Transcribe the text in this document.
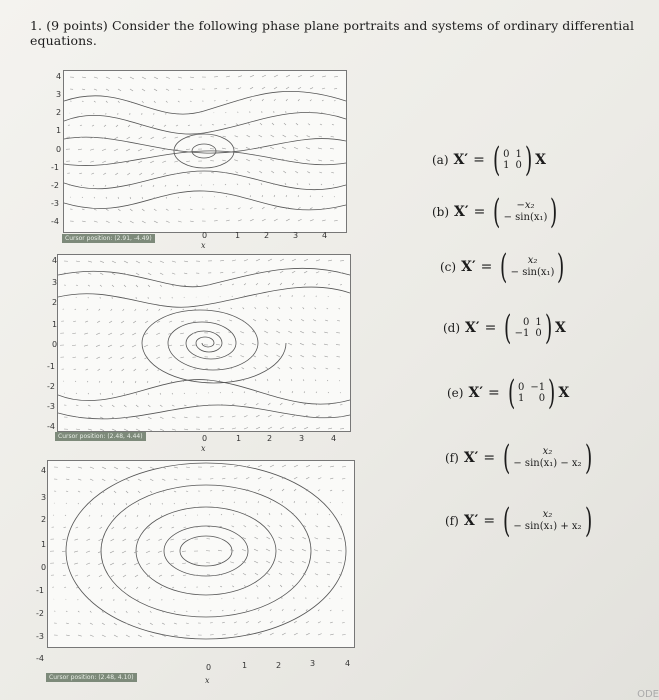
1. (9 points) Consider the following phase plane portraits and systems of ordinary differential equations.
Cursor position: (2.91, -4.49)
x
0	1	2	3	4
4
3
2
1
0
-1
-2
-3
-4
Cursor position: (2.48, 4.44)
x
0	1	2	3	4
4
3
2
1
0
-1
-2
-3
-4
Cursor position: (2.48, 4.10)	x
0	1	2	3	4
4
3
2
1
0
-1
-2
-3
-4
(a) X′ = ( 0 1
1 0 ) X
(b) X′ = ( −x₂
− sin(x₁) )
(c) X′ = ( x₂
− sin(x₁) )
(d) X′ = (	0 1
−1 0 ) X
(e) X′ = ( 0 −1
1	0 ) X
(f) X′ = (	x₂
− sin(x₁) − x₂ )
(f) X′ = (	x₂
− sin(x₁) + x₂ )
ODE
